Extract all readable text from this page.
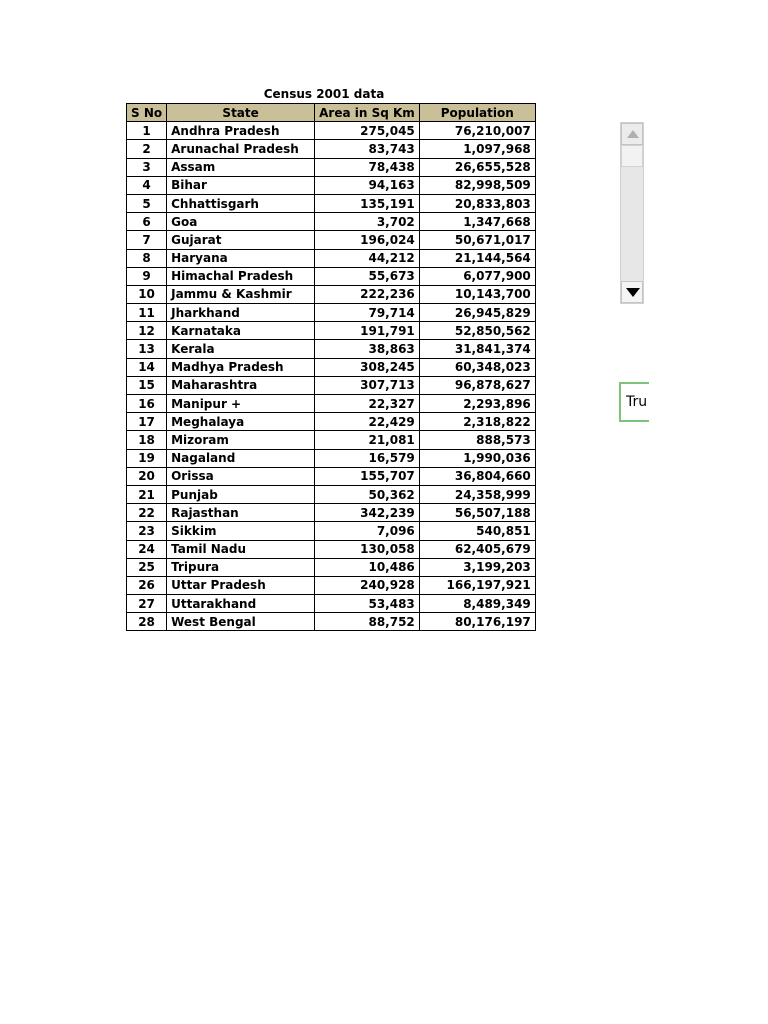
Census 2001 data
S No	State	Area in Sq Km	Population
1	Andhra Pradesh	275,045	76,210,007
2	Arunachal Pradesh	83,743	1,097,968
3	Assam	78,438	26,655,528
4	Bihar	94,163	82,998,509
5	Chhattisgarh	135,191	20,833,803
6	Goa	3,702	1,347,668
7	Gujarat	196,024	50,671,017
8	Haryana	44,212	21,144,564
9	Himachal Pradesh	55,673	6,077,900
10	Jammu & Kashmir	222,236	10,143,700
11	Jharkhand	79,714	26,945,829
12	Karnataka	191,791	52,850,562
13	Kerala	38,863	31,841,374
14	Madhya Pradesh	308,245	60,348,023
15	Maharashtra	307,713	96,878,627
16	Manipur +	22,327	2,293,896
17	Meghalaya	22,429	2,318,822
18	Mizoram	21,081	888,573
19	Nagaland	16,579	1,990,036
20	Orissa	155,707	36,804,660
21	Punjab	50,362	24,358,999
22	Rajasthan	342,239	56,507,188
23	Sikkim	7,096	540,851
24	Tamil Nadu	130,058	62,405,679
25	Tripura	10,486	3,199,203
26	Uttar Pradesh	240,928	166,197,921
27	Uttarakhand	53,483	8,489,349
28	West Bengal	88,752	80,176,197
Tru
